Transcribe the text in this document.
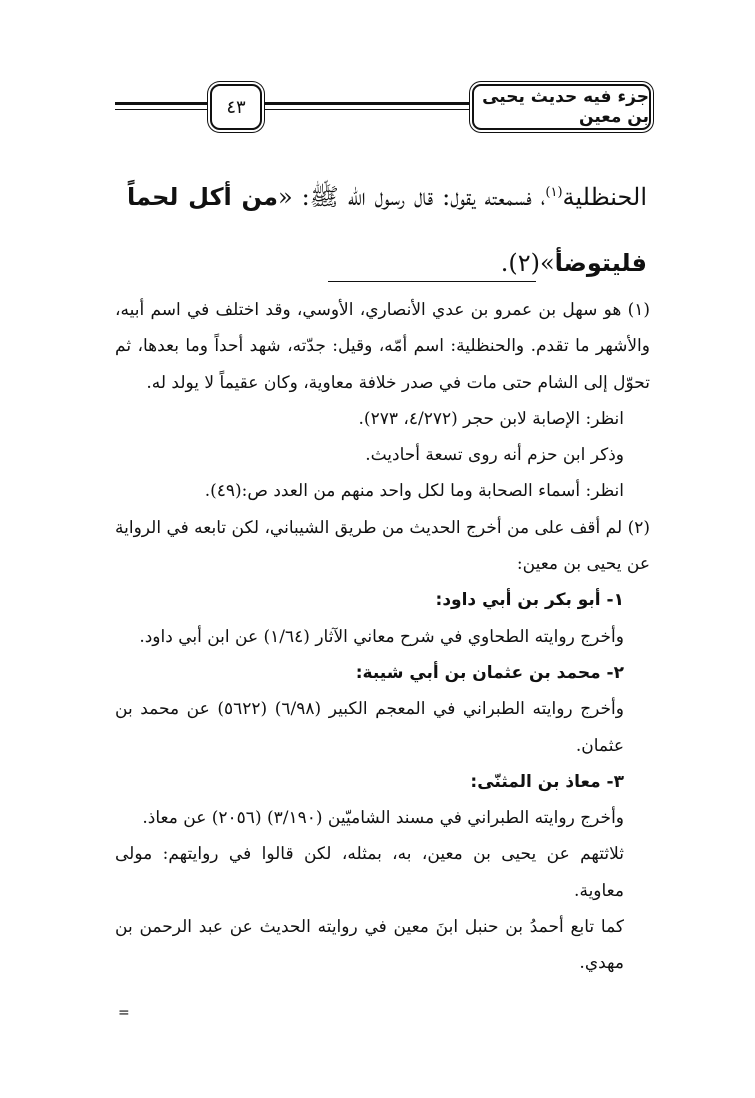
جزء فيه حديث يحيى بن معين
٤٣
الحنظلية$^{(١)}$، فسمعته يقول: قال رسول الله ﷺ: «من أكل لحماً فليتوضأ»(٢).

(١) هو سهل بن عمرو بن عدي الأنصاري، الأوسي، وقد اختلف في اسم أبيه، والأشهر ما تقدم. والحنظلية: اسم أمّه، وقيل: جدّته، شهد أحداً وما بعدها، ثم تحوّل إلى الشام حتى مات في صدر خلافة معاوية، وكان عقيماً لا يولد له.

انظر: الإصابة لابن حجر (٤/٢٧٢، ٢٧٣).

وذكر ابن حزم أنه روى تسعة أحاديث.

انظر: أسماء الصحابة وما لكل واحد منهم من العدد ص:(٤٩).

(٢) لم أقف على من أخرج الحديث من طريق الشيباني، لكن تابعه في الرواية عن يحيى بن معين:

١- أبو بكر بن أبي داود:

وأخرج روايته الطحاوي في شرح معاني الآثار (١/٦٤) عن ابن أبي داود.

٢- محمد بن عثمان بن أبي شيبة:

وأخرج روايته الطبراني في المعجم الكبير (٦/٩٨) (٥٦٢٢) عن محمد بن عثمان.

٣- معاذ بن المثنّى:

وأخرج روايته الطبراني في مسند الشاميّين (٣/١٩٠) (٢٠٥٦) عن معاذ.

ثلاثتهم عن يحيى بن معين، به، بمثله، لكن قالوا في روايتهم: مولى معاوية.

كما تابع أحمدُ بن حنبل ابنَ معين في روايته الحديث عن عبد الرحمن بن مهدي.

=
